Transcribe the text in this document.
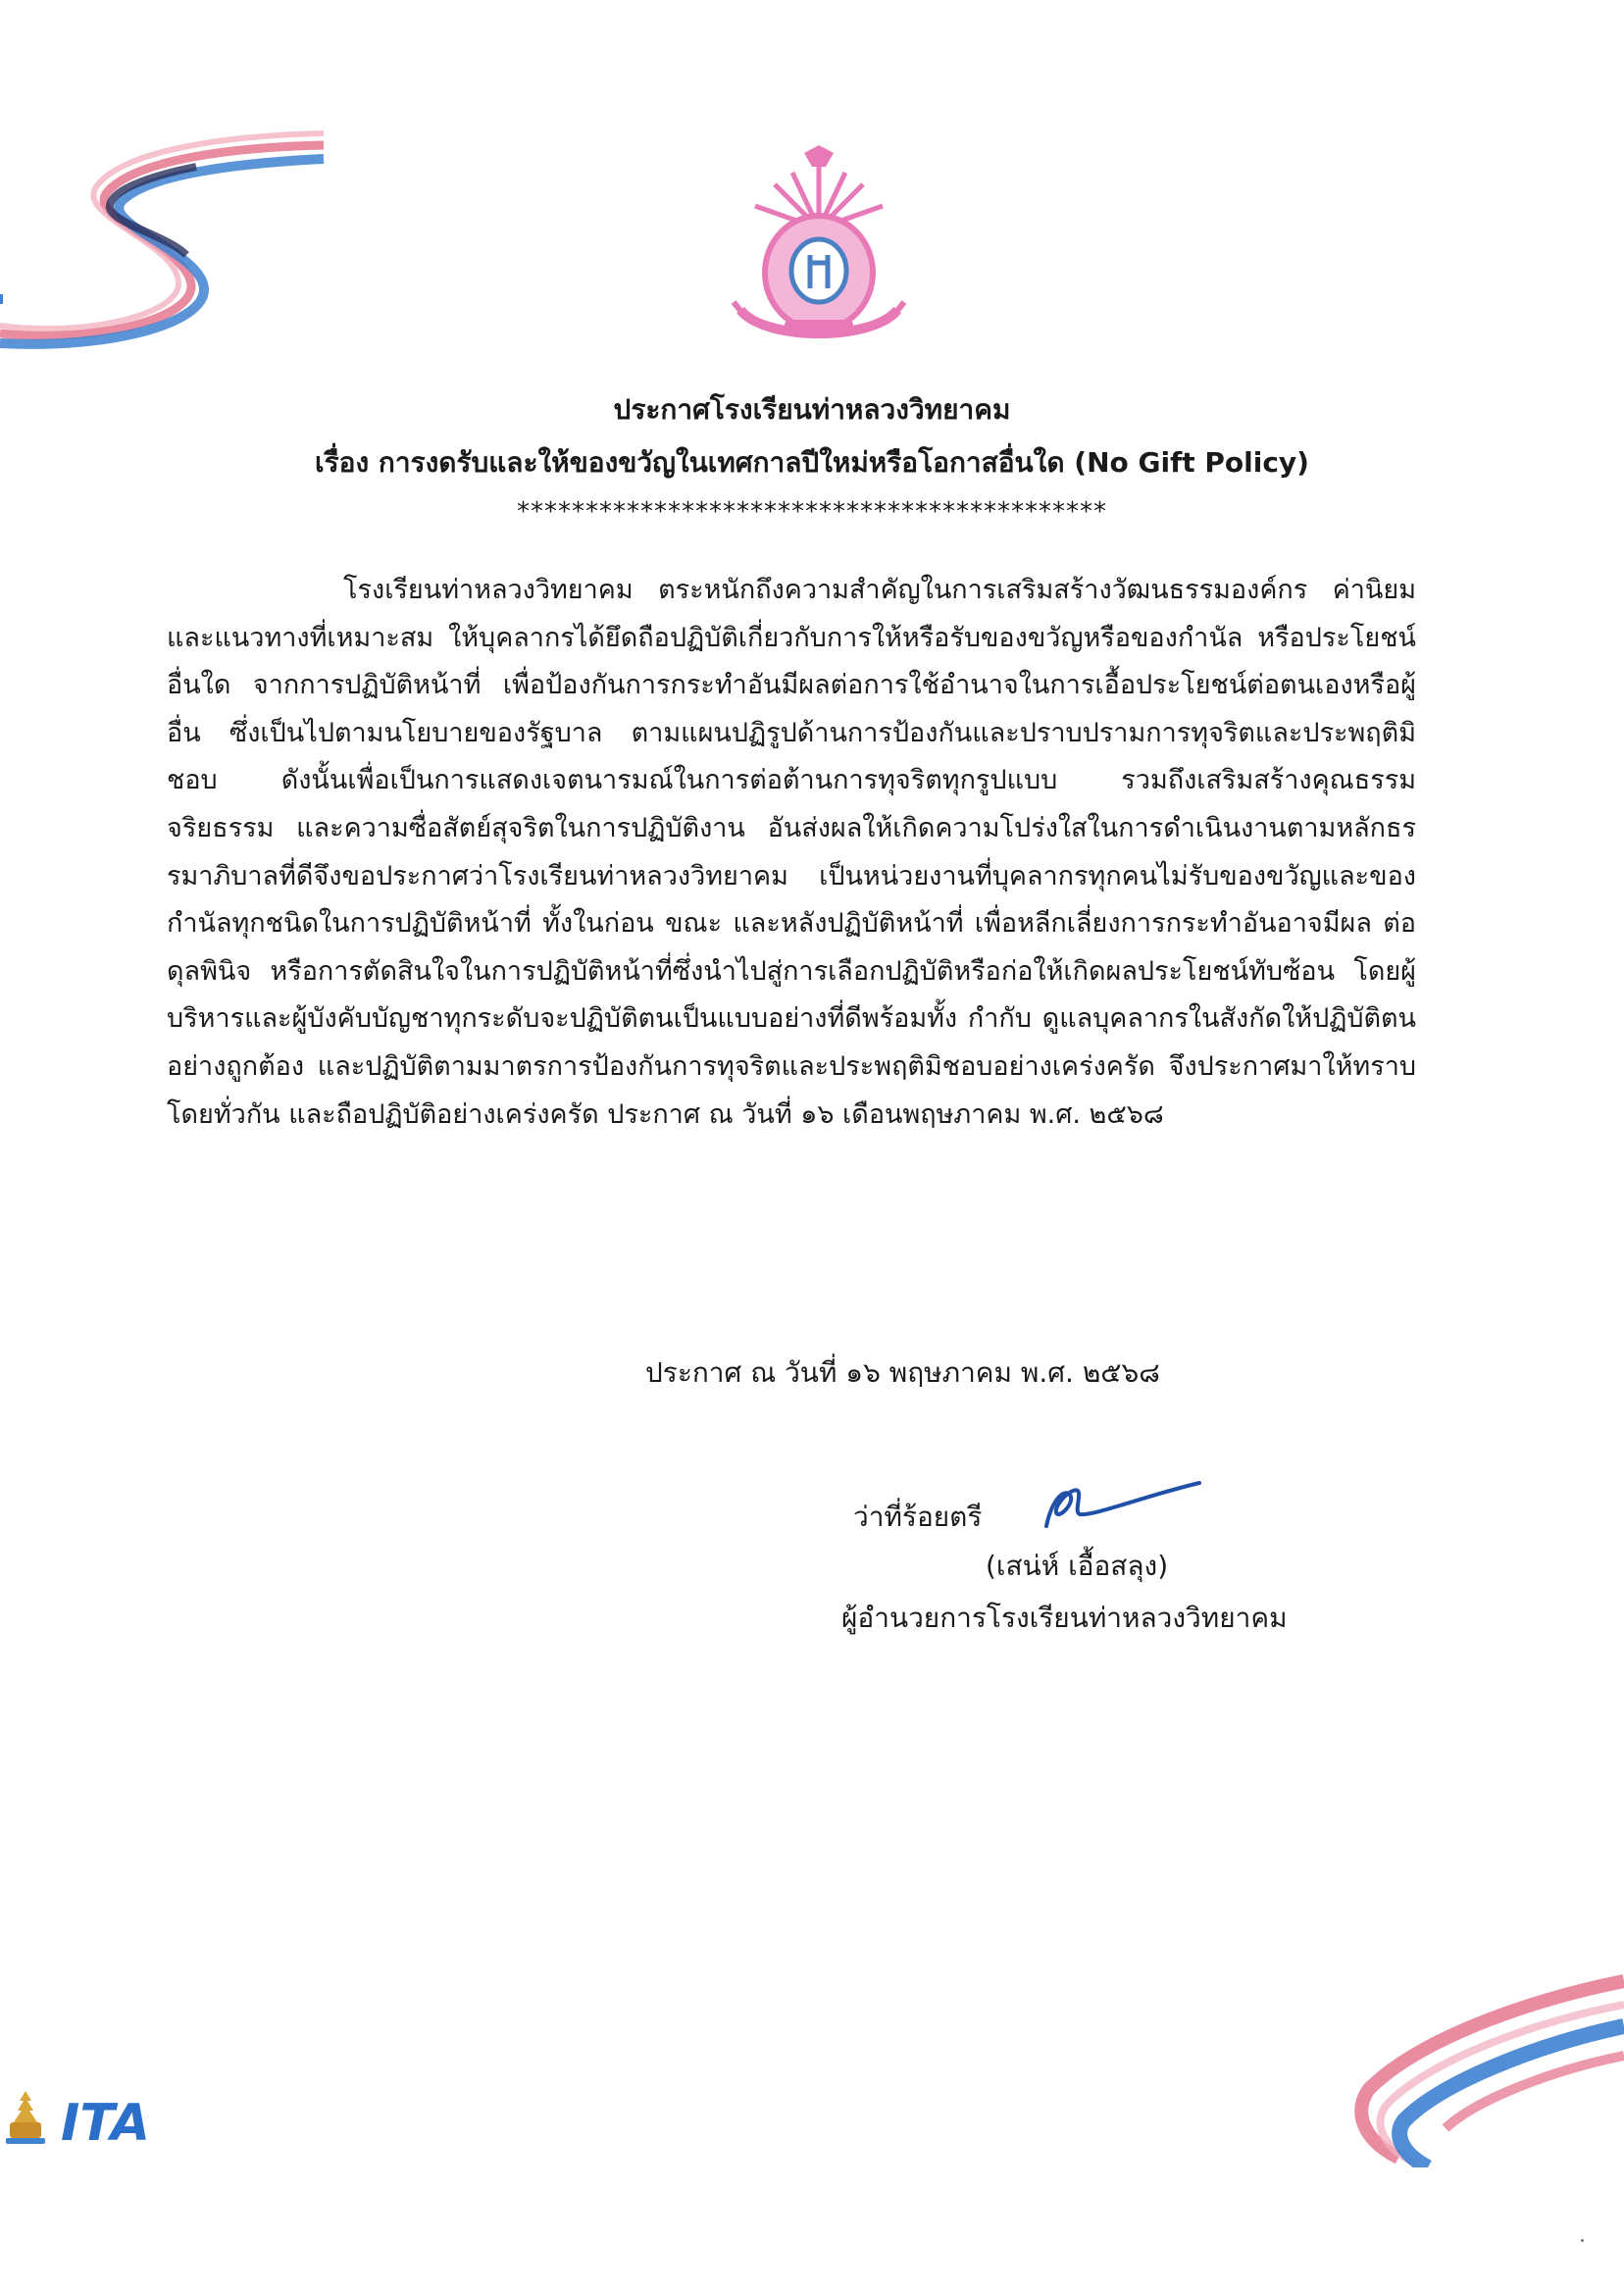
ประกาศโรงเรียนท่าหลวงวิทยาคม
เรื่อง การงดรับและให้ของขวัญในเทศกาลปีใหม่หรือโอกาสอื่นใด (No Gift Policy)
*******************************************
โรงเรียนท่าหลวงวิทยาคม ตระหนักถึงความสำคัญในการเสริมสร้างวัฒนธรรมองค์กร ค่านิยม และแนวทางที่เหมาะสม ให้บุคลากรได้ยึดถือปฏิบัติเกี่ยวกับการให้หรือรับของขวัญหรือของกำนัล หรือประโยชน์อื่นใด จากการปฏิบัติหน้าที่ เพื่อป้องกันการกระทำอันมีผลต่อการใช้อำนาจในการเอื้อประโยชน์ต่อตนเองหรือผู้อื่น ซึ่งเป็นไปตามนโยบายของรัฐบาล ตามแผนปฏิรูปด้านการป้องกันและปราบปรามการทุจริตและประพฤติมิชอบ ดังนั้นเพื่อเป็นการแสดงเจตนารมณ์ในการต่อต้านการทุจริตทุกรูปแบบ รวมถึงเสริมสร้างคุณธรรม จริยธรรม และความซื่อสัตย์สุจริตในการปฏิบัติงาน อันส่งผลให้เกิดความโปร่งใสในการดำเนินงานตามหลักธรรมาภิบาลที่ดีจึงขอประกาศว่าโรงเรียนท่าหลวงวิทยาคม เป็นหน่วยงานที่บุคลากรทุกคนไม่รับของขวัญและของกำนัลทุกชนิดในการปฏิบัติหน้าที่ ทั้งในก่อน ขณะ และหลังปฏิบัติหน้าที่ เพื่อหลีกเลี่ยงการกระทำอันอาจมีผล ต่อดุลพินิจ หรือการตัดสินใจในการปฏิบัติหน้าที่ซึ่งนำไปสู่การเลือกปฏิบัติหรือก่อให้เกิดผลประโยชน์ทับซ้อน โดยผู้บริหารและผู้บังคับบัญชาทุกระดับจะปฏิบัติตนเป็นแบบอย่างที่ดีพร้อมทั้ง กำกับ ดูแลบุคลากรในสังกัดให้ปฏิบัติตนอย่างถูกต้อง และปฏิบัติตามมาตรการป้องกันการทุจริตและประพฤติมิชอบอย่างเคร่งครัด จึงประกาศมาให้ทราบโดยทั่วกัน และถือปฏิบัติอย่างเคร่งครัด ประกาศ ณ วันที่ ๑๖ เดือนพฤษภาคม พ.ศ. ๒๕๖๘
ประกาศ ณ วันที่ ๑๖ พฤษภาคม พ.ศ. ๒๕๖๘
ว่าที่ร้อยตรี
(เสน่ห์ เอื้อสลุง)
ผู้อำนวยการโรงเรียนท่าหลวงวิทยาคม
ITA
